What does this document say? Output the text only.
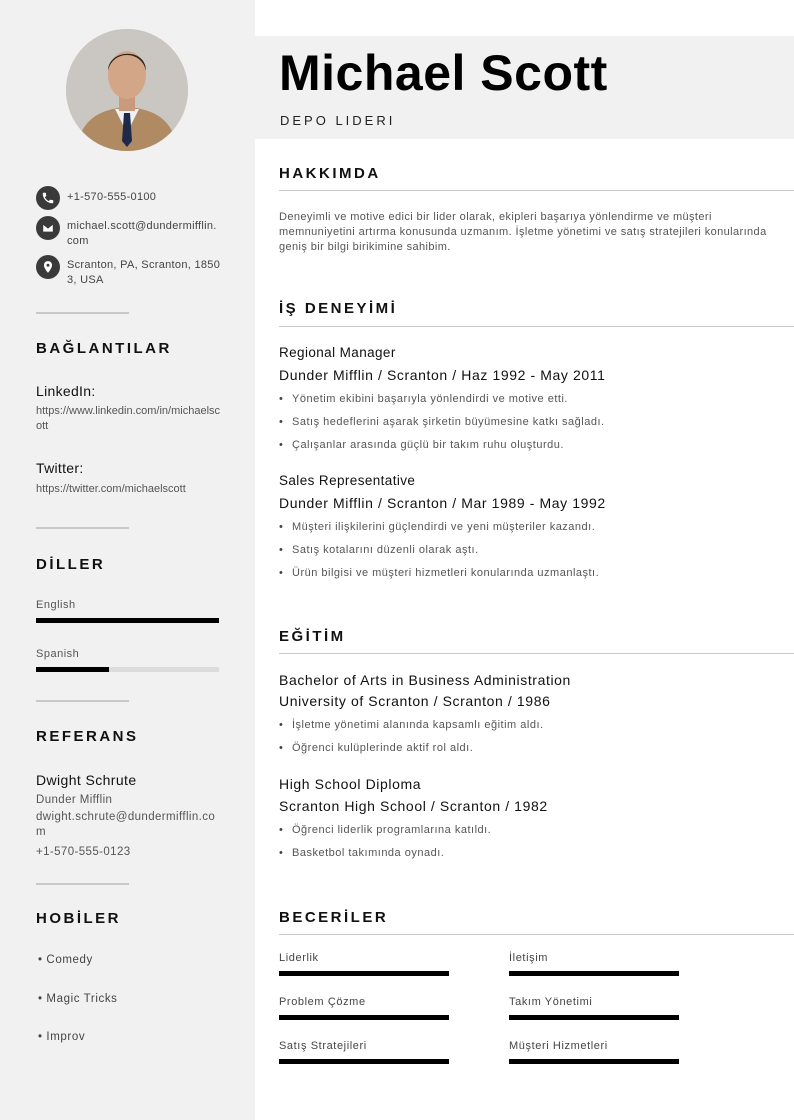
+1-570-555-0100
michael.scott@dundermifflin.com
Scranton, PA, Scranton, 18503, USA
BAĞLANTILAR
LinkedIn:
https://www.linkedin.com/in/michaelscott
Twitter:
https://twitter.com/michaelscott
DİLLER
English
Spanish
REFERANS
Dwight Schrute
Dunder Mifflin
dwight.schrute@dundermifflin.com
+1-570-555-0123
HOBİLER
• Comedy
• Magic Tricks
• Improv
Michael Scott
DEPO LIDERI
HAKKIMDA
Deneyimli ve motive edici bir lider olarak, ekipleri başarıya yönlendirme ve müşteri memnuniyetini artırma konusunda uzmanım. İşletme yönetimi ve satış stratejileri konularında geniş bir bilgi birikimine sahibim.
İŞ DENEYİMİ
Regional Manager
Dunder Mifflin / Scranton / Haz 1992 - May 2011
• Yönetim ekibini başarıyla yönlendirdi ve motive etti.
• Satış hedeflerini aşarak şirketin büyümesine katkı sağladı.
• Çalışanlar arasında güçlü bir takım ruhu oluşturdu.
Sales Representative
Dunder Mifflin / Scranton / Mar 1989 - May 1992
• Müşteri ilişkilerini güçlendirdi ve yeni müşteriler kazandı.
• Satış kotalarını düzenli olarak aştı.
• Ürün bilgisi ve müşteri hizmetleri konularında uzmanlaştı.
EĞİTİM
Bachelor of Arts in Business Administration
University of Scranton / Scranton / 1986
• İşletme yönetimi alanında kapsamlı eğitim aldı.
• Öğrenci kulüplerinde aktif rol aldı.
High School Diploma
Scranton High School / Scranton / 1982
• Öğrenci liderlik programlarına katıldı.
• Basketbol takımında oynadı.
BECERİLER
Liderlik	İletişim
Problem Çözme	Takım Yönetimi
Satış Stratejileri	Müşteri Hizmetleri
